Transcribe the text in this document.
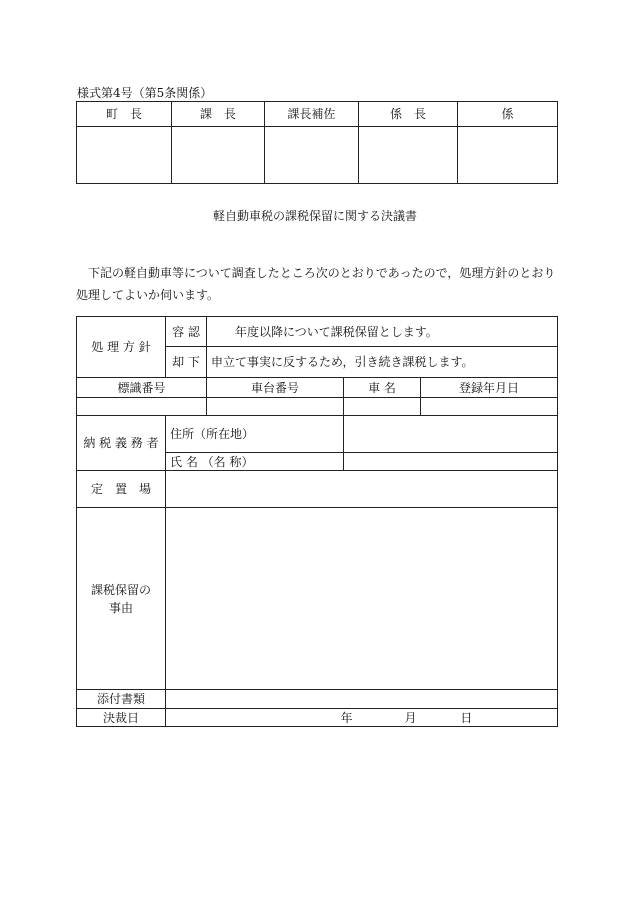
様式第4号（第5条関係）
町　長	課　長	課長補佐	係　長	係

軽自動車税の課税保留に関する決議書
　下記の軽自動車等について調査したところ次のとおりであったので，処理方針のとおり処理してよいか伺います。
処 理 方 針	容 認	　　年度以降について課税保留とします。		
	却 下	申立て事実に反するため，引き続き課税します。		
標識番号		車台番号	車 名	登録年月日

納 税 義 務 者	住所（所在地）			
	氏 名 （名 称）			
定　置　場				

課税保留の
事由				

添付書類				
決裁日	年 月 日			
